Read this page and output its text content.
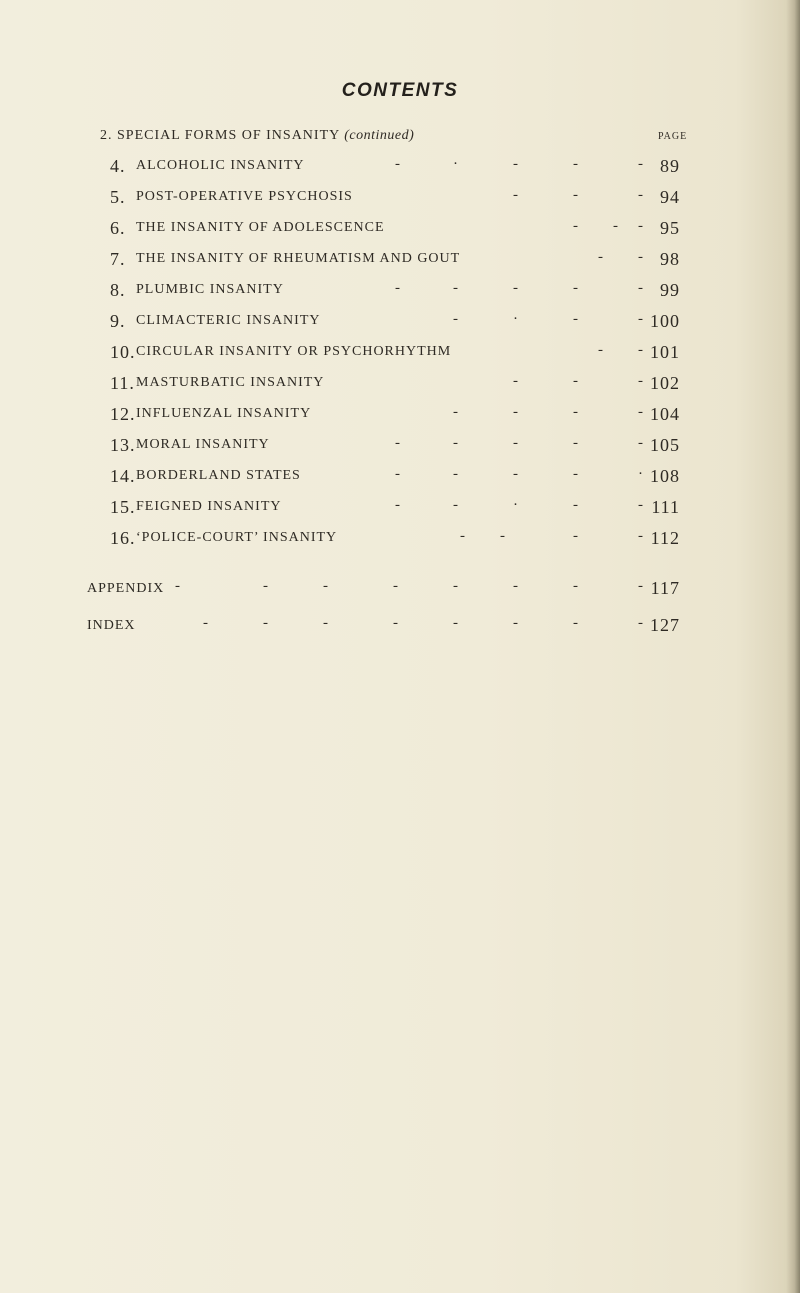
CONTENTS
2. SPECIAL FORMS OF INSANITY (continued)	PAGE
4. ALCOHOLIC INSANITY	-	·	-	-	- 89
5. POST-OPERATIVE PSYCHOSIS	-	-	- 94
6. THE INSANITY OF ADOLESCENCE	- - - 95
7. THE INSANITY OF RHEUMATISM AND GOUT	- - 98
8. PLUMBIC INSANITY	-	-	-	-	- 99
9. CLIMACTERIC INSANITY	-	·	-	- 100
10. CIRCULAR INSANITY OR PSYCHORHYTHM	- - 101
11. MASTURBATIC INSANITY	-	-	- 102
12. INFLUENZAL INSANITY	-	-	-	- 104
13. MORAL INSANITY	-	-	-	-	- 105
14. BORDERLAND STATES	-	-	-	-	· 108
15. FEIGNED INSANITY	-	-	·	-	- 111
16. ‘POLICE-COURT’ INSANITY	- -	-	- 112
APPENDIX -	-	-	-	-	-	-	- 117
INDEX	-	-	-	-	-	-	-	- 127
